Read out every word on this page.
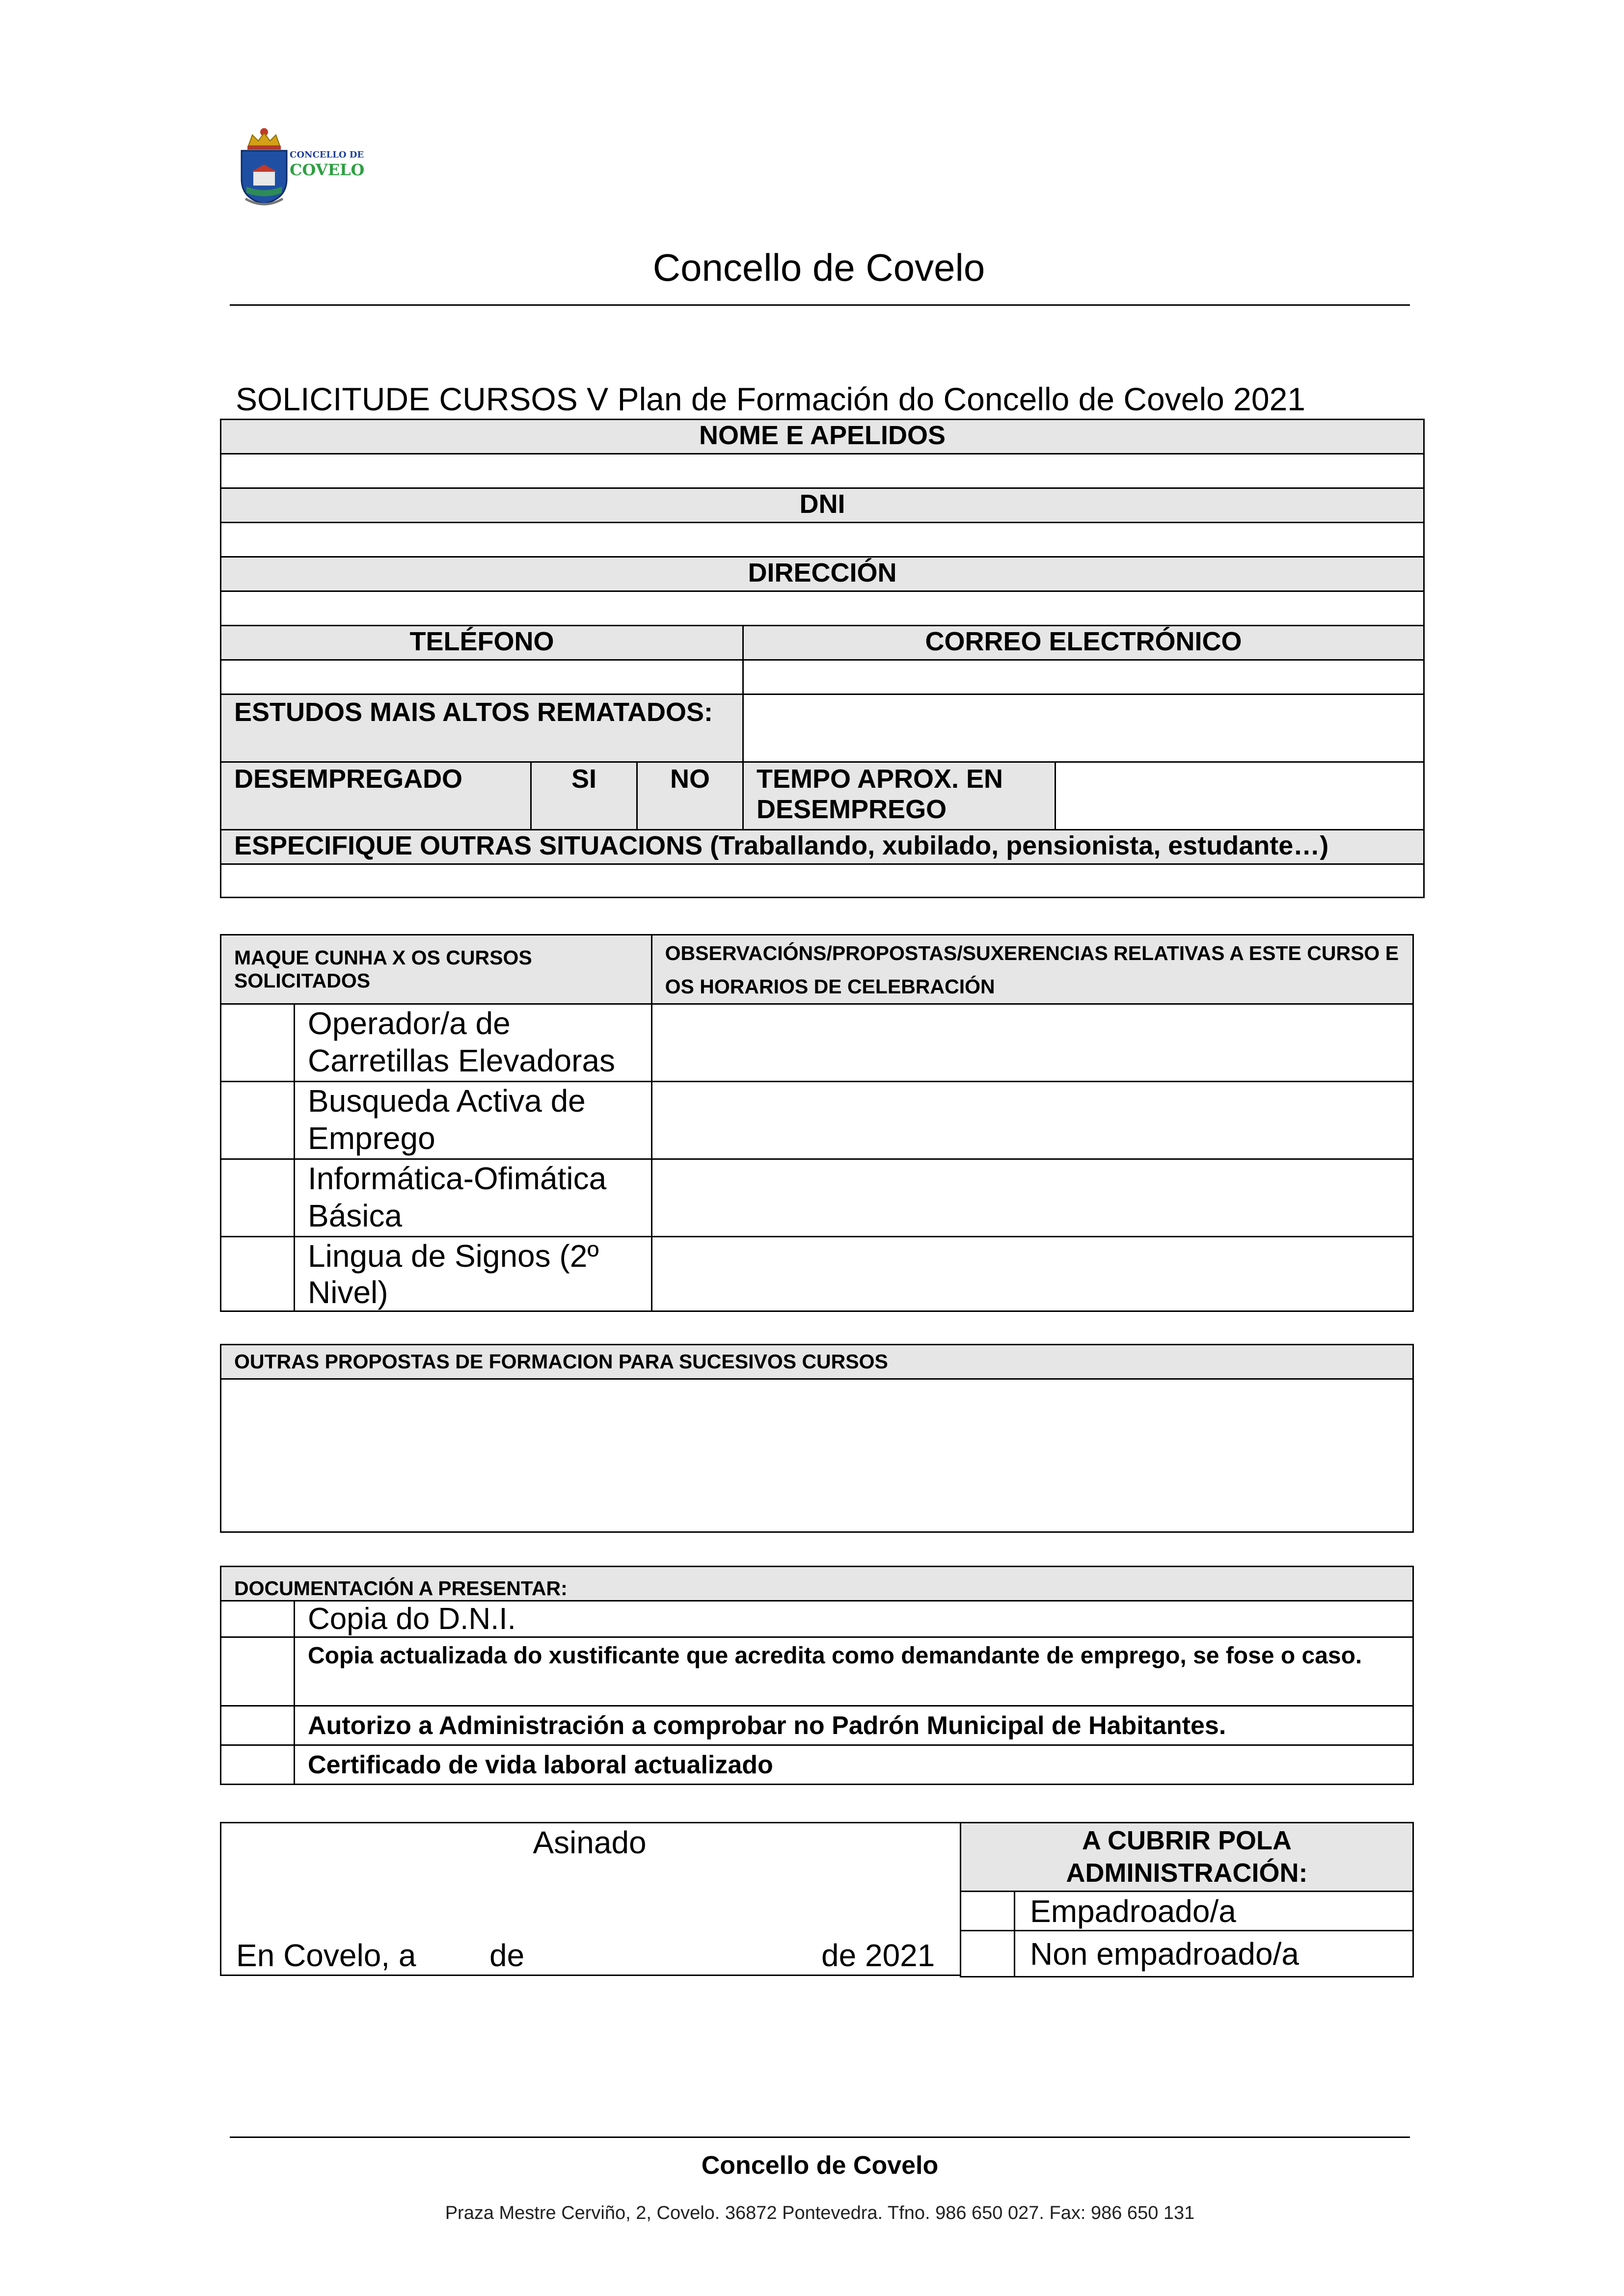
CONCELLO DE
COVELO
Concello de Covelo
SOLICITUDE CURSOS V Plan de Formación do Concello de Covelo 2021
NOME E APELIDOS				

DNI				

DIRECCIÓN				

TELÉFONO			CORREO ELECTRÓNICO	

ESTUDOS MAIS ALTOS REMATADOS:				
DESEMPREGADO	SI	NO	TEMPO APROX. EN DESEMPREGO	
ESPECIFIQUE OUTRAS SITUACIONS (Traballando, xubilado, pensionista, estudante…)				

MAQUE CUNHA X OS CURSOS SOLICITADOS		OBSERVACIÓNS/PROPOSTAS/SUXERENCIAS RELATIVAS A ESTE CURSO E OS HORARIOS DE CELEBRACIÓN
	Operador/a de Carretillas Elevadoras	
	Busqueda Activa de Emprego	
	Informática-Ofimática Básica	
	Lingua de Signos (2º Nivel)	
OUTRAS PROPOSTAS DE FORMACION PARA SUCESIVOS CURSOS

DOCUMENTACIÓN A PRESENTAR:	
	Copia do D.N.I.
	Copia actualizada do xustificante que acredita como demandante de emprego, se fose o caso.
	Autorizo a Administración a comprobar no Padrón Municipal de Habitantes.
	Certificado de vida laboral actualizado
Asinado
En Covelo, a de	de 2021
A CUBRIR POLA ADMINISTRACIÓN:	
	Empadroado/a
	Non empadroado/a
Concello de Covelo
Praza Mestre Cerviño, 2, Covelo. 36872 Pontevedra. Tfno. 986 650 027. Fax: 986 650 131
